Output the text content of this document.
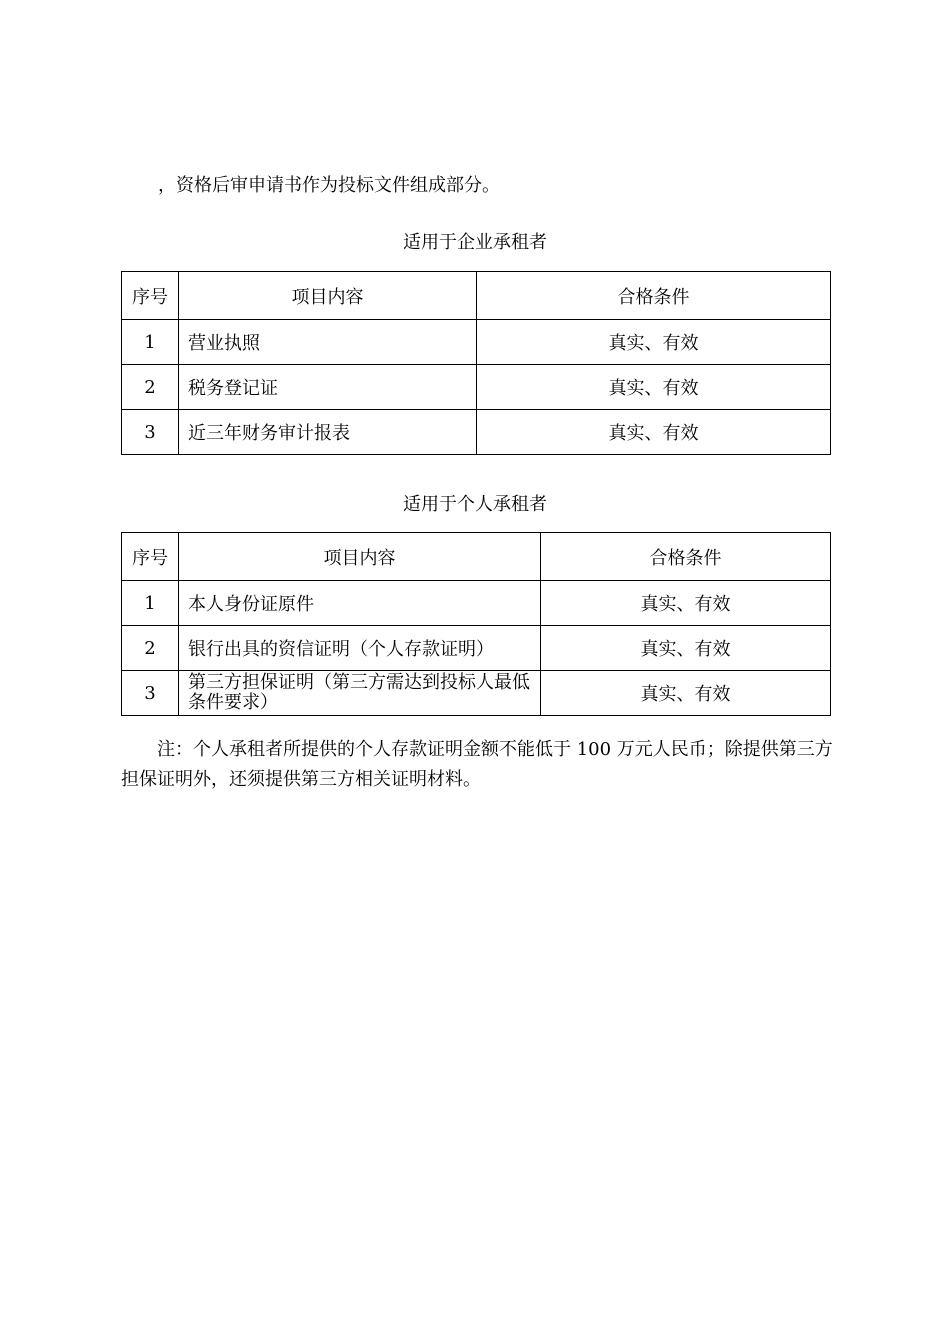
，资格后审申请书作为投标文件组成部分。
适用于企业承租者
序号	项目内容	合格条件
1	营业执照	真实、有效
2	税务登记证	真实、有效
3	近三年财务审计报表	真实、有效
适用于个人承租者
序号	项目内容	合格条件
1	本人身份证原件	真实、有效
2	银行出具的资信证明（个人存款证明）	真实、有效
3	第三方担保证明（第三方需达到投标人最低条件要求）	真实、有效
注：个人承租者所提供的个人存款证明金额不能低于 100 万元人民币；除提供第三方担保证明外，还须提供第三方相关证明材料。
